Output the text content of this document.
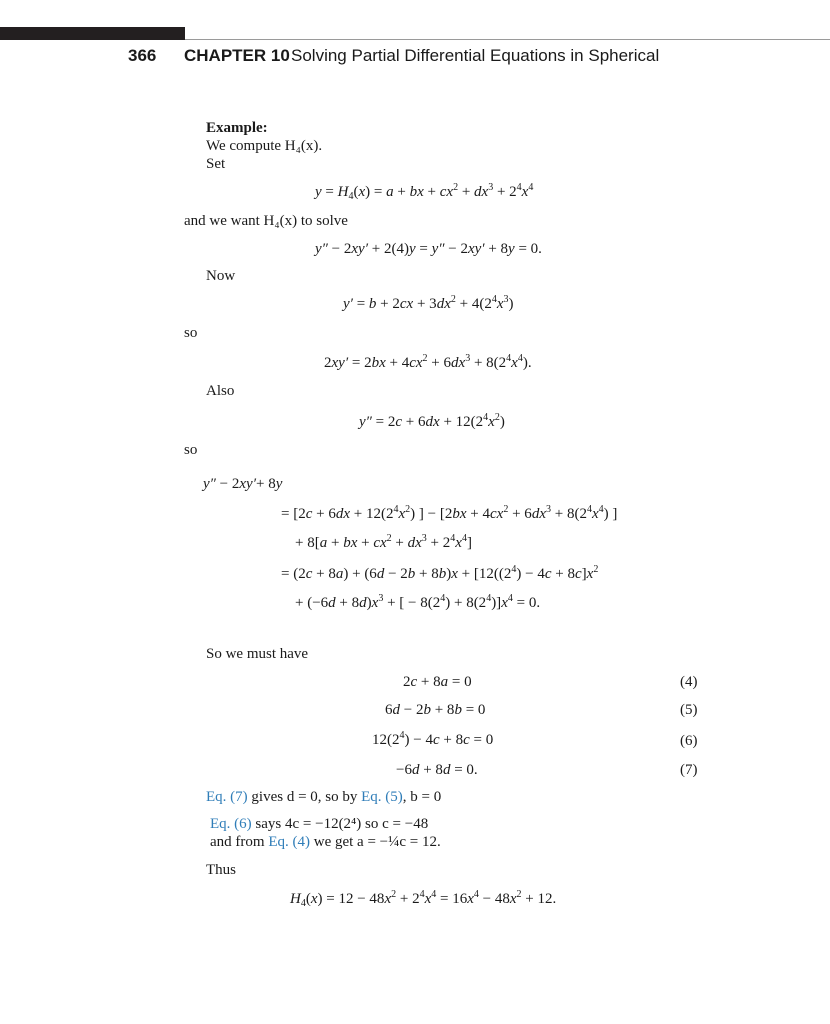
366 CHAPTER 10 Solving Partial Differential Equations in Spherical
Example:
We compute H₄(x).
Set
$y = H_4(x) = a$ + bx + $cx^2 + dx^3 + 2^4x^4$
and we want H₄(x) to solve
y″ − 2xy′ + 2(4)y = y″ − 2xy′ + 8y = 0.
Now
$y' = b + 2cx + 3dx^2 + 4(2^4x^3)$
so
$2xy' = 2bx + 4cx^2 + 6dx^3 + 8(2^4x^4)$.
Also
$y'' = 2c + 6dx + 12(2^4x^2)$
so
y″ − 2xy′+ 8y
= [$2c + 6dx + 12(2^4x^2)$ ] − [$2bx + 4cx^2 + 6dx^3 + 8(2^4x^4)$ ]
+ 8[a + bx + $cx^2 + dx^3 + 2^4x^4$]
= $(2c + 8a) + (6d - 2b + 8b)x + [12((2^4) - 4c + 8c]x^2$
+ $(-6d + 8d)x^3$ + [ − $8(2^4) + 8(2^4)]x^4 = 0$.
So we must have
2c + 8a = 0	(4)
6d − 2b + 8b = 0	(5)
$12(2^4) - 4c + 8c = 0$	(6)
−6d + 8d = 0.	(7)
Eq. (7) gives d = 0, so by Eq. (5), b = 0
Eq. (6) says 4c = −12(2⁴) so c = −48
and from Eq. (4) we get a = −¼c = 12.
Thus
$H_4(x) = 12 - 48x^2 + 2^4x^4 = 16x^4 - 48x^2 + 12$.
